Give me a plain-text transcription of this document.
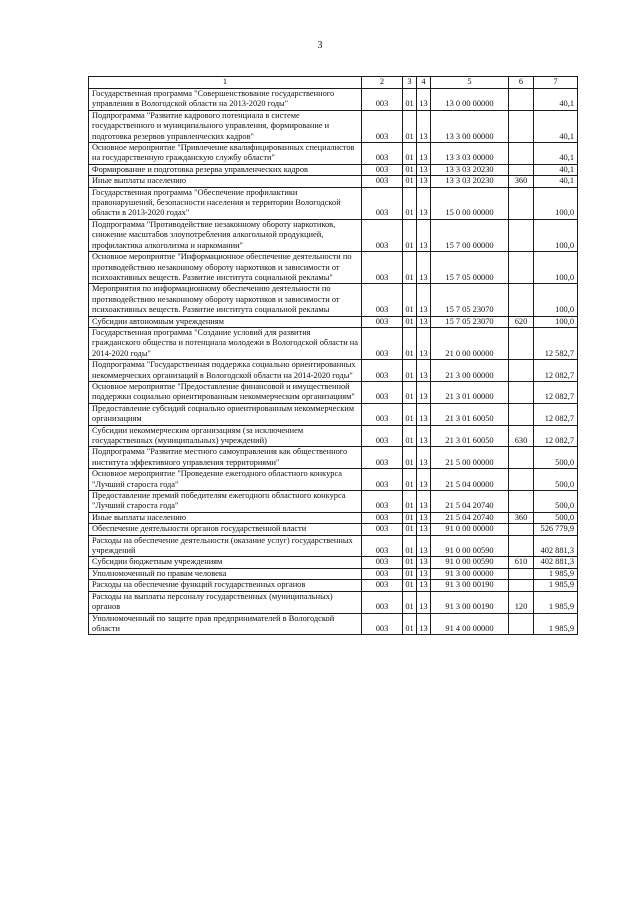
3
1	2	3	4	5	6	7
Государственная программа "Совершенствование государственного управления в Вологодской области на 2013-2020 годы"	003	01	13	13 0 00 00000		40,1
Подпрограмма "Развитие кадрового потенциала в системе государственного и муниципального управления, формирование и подготовка резервов управленческих кадров"	003	01	13	13 3 00 00000		40,1
Основное мероприятие "Привлечение квалифицированных специалистов на государственную гражданскую службу области"	003	01	13	13 3 03 00000		40,1
Формирование и подготовка резерва управленческих кадров	003	01	13	13 3 03 20230		40,1
Иные выплаты населению	003	01	13	13 3 03 20230	360	40,1
Государственная программа "Обеспечение профилактики правонарушений, безопасности населения и территории Вологодской области в 2013-2020 годах"	003	01	13	15 0 00 00000		100,0
Подпрограмма "Противодействие незаконному обороту наркотиков, снижение масштабов злоупотребления алкогольной продукцией, профилактика алкоголизма и наркомании"	003	01	13	15 7 00 00000		100,0
Основное мероприятие "Информационное обеспечение деятельности по противодействию незаконному обороту наркотиков и зависимости от психоактивных веществ. Развитие института социальной рекламы"	003	01	13	15 7 05 00000		100,0
Мероприятия по информационному обеспечению деятельности по противодействию незаконному обороту наркотиков и зависимости от психоактивных веществ. Развитие института социальной рекламы	003	01	13	15 7 05 23070		100,0
Субсидии автономным учреждениям	003	01	13	15 7 05 23070	620	100,0
Государственная программа "Создание условий для развития гражданского общества и потенциала молодежи в Вологодской области на 2014-2020 годы"	003	01	13	21 0 00 00000		12 582,7
Подпрограмма "Государственная поддержка социально ориентированных некоммерческих организаций в Вологодской области на 2014-2020 годы"	003	01	13	21 3 00 00000		12 082,7
Основное мероприятие "Предоставление финансовой и имущественной поддержки социально ориентированным некоммерческим организациям"	003	01	13	21 3 01 00000		12 082,7
Предоставление субсидий социально ориентированным некоммерческим организациям	003	01	13	21 3 01 60050		12 082,7
Субсидии некоммерческим организациям (за исключением государственных (муниципальных) учреждений)	003	01	13	21 3 01 60050	630	12 082,7
Подпрограмма "Развитие местного самоуправления как общественного института эффективного управления территориями"	003	01	13	21 5 00 00000		500,0
Основное мероприятие "Проведение ежегодного областного конкурса "Лучший староста года"	003	01	13	21 5 04 00000		500,0
Предоставление премий победителям ежегодного областного конкурса "Лучший староста года"	003	01	13	21 5 04 20740		500,0
Иные выплаты населению	003	01	13	21 5 04 20740	360	500,0
Обеспечение деятельности органов государственной власти	003	01	13	91 0 00 00000		526 779,9
Расходы на обеспечение деятельности (оказание услуг) государственных учреждений	003	01	13	91 0 00 00590		402 881,3
Субсидии бюджетным учреждениям	003	01	13	91 0 00 00590	610	402 881,3
Уполномоченный по правам человека	003	01	13	91 3 00 00000		1 985,9
Расходы на обеспечение функций государственных органов	003	01	13	91 3 00 00190		1 985,9
Расходы на выплаты персоналу государственных (муниципальных) органов	003	01	13	91 3 00 00190	120	1 985,9
Уполномоченный по защите прав предпринимателей в Вологодской области	003	01	13	91 4 00 00000		1 985,9
